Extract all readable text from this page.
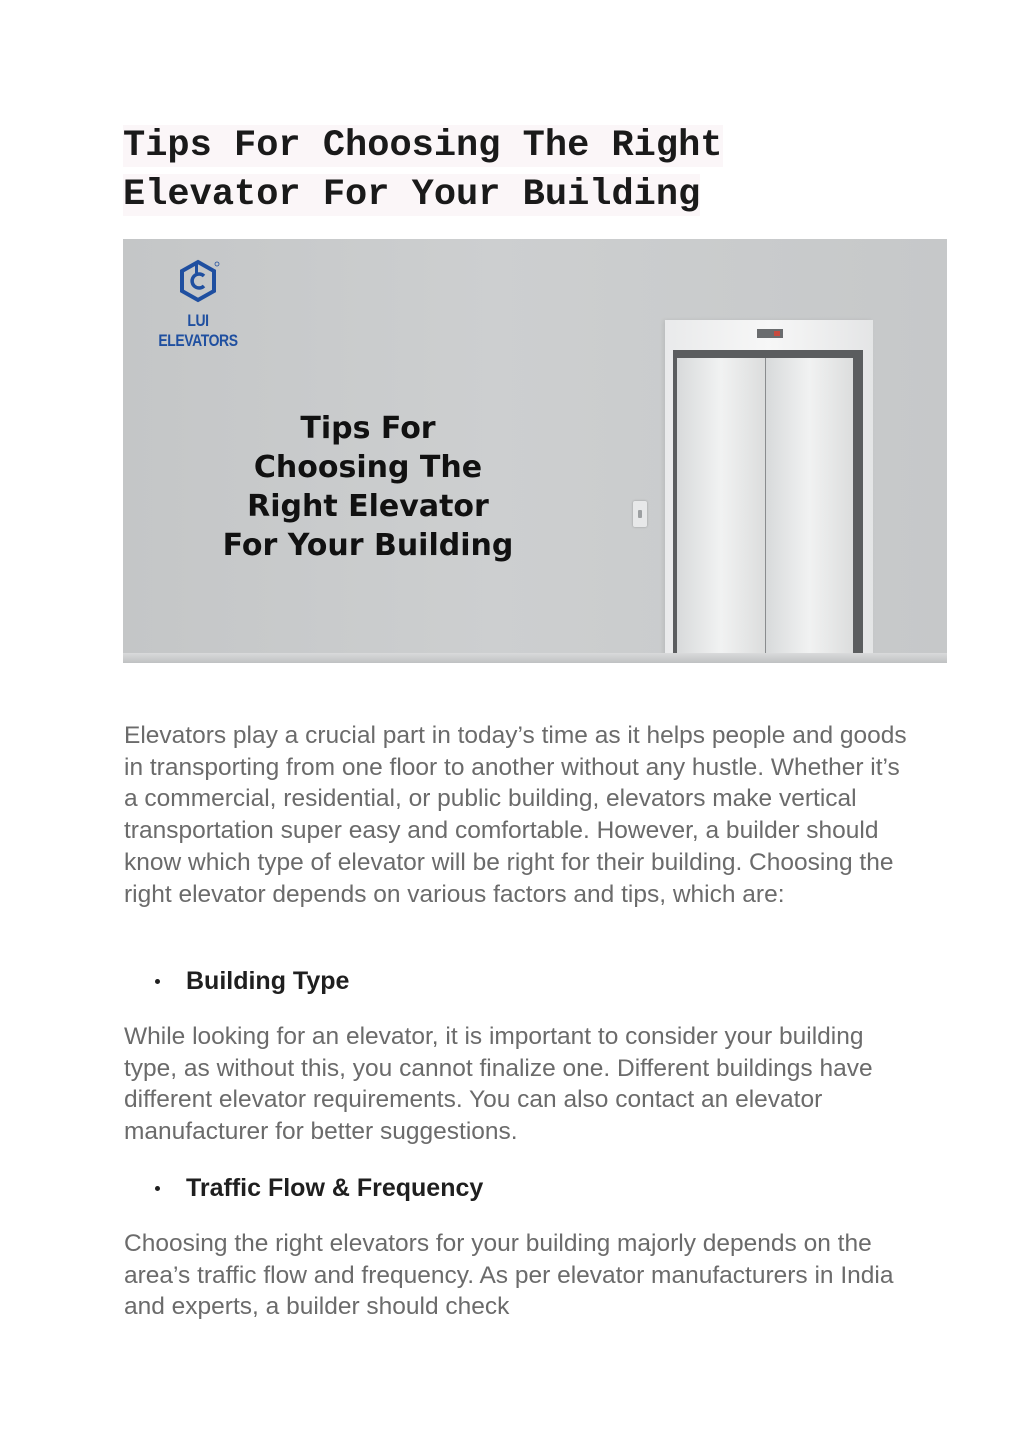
Tips For Choosing The Right
Elevator For Your Building
LUI ELEVATORS
Tips For
Choosing The
Right Elevator
For Your Building

Elevators play a crucial part in today’s time as it helps people and goods in transporting from one floor to another without any hustle. Whether it’s a commercial, residential, or public building, elevators make vertical transportation super easy and comfortable. However, a builder should know which type of elevator will be right for their building. Choosing the right elevator depends on various factors and tips, which are:

Building Type

While looking for an elevator, it is important to consider your building type, as without this, you cannot finalize one. Different buildings have different elevator requirements. You can also contact an elevator manufacturer for better suggestions.

Traffic Flow & Frequency

Choosing the right elevators for your building majorly depends on the area’s traffic flow and frequency. As per elevator manufacturers in India and experts, a builder should check
